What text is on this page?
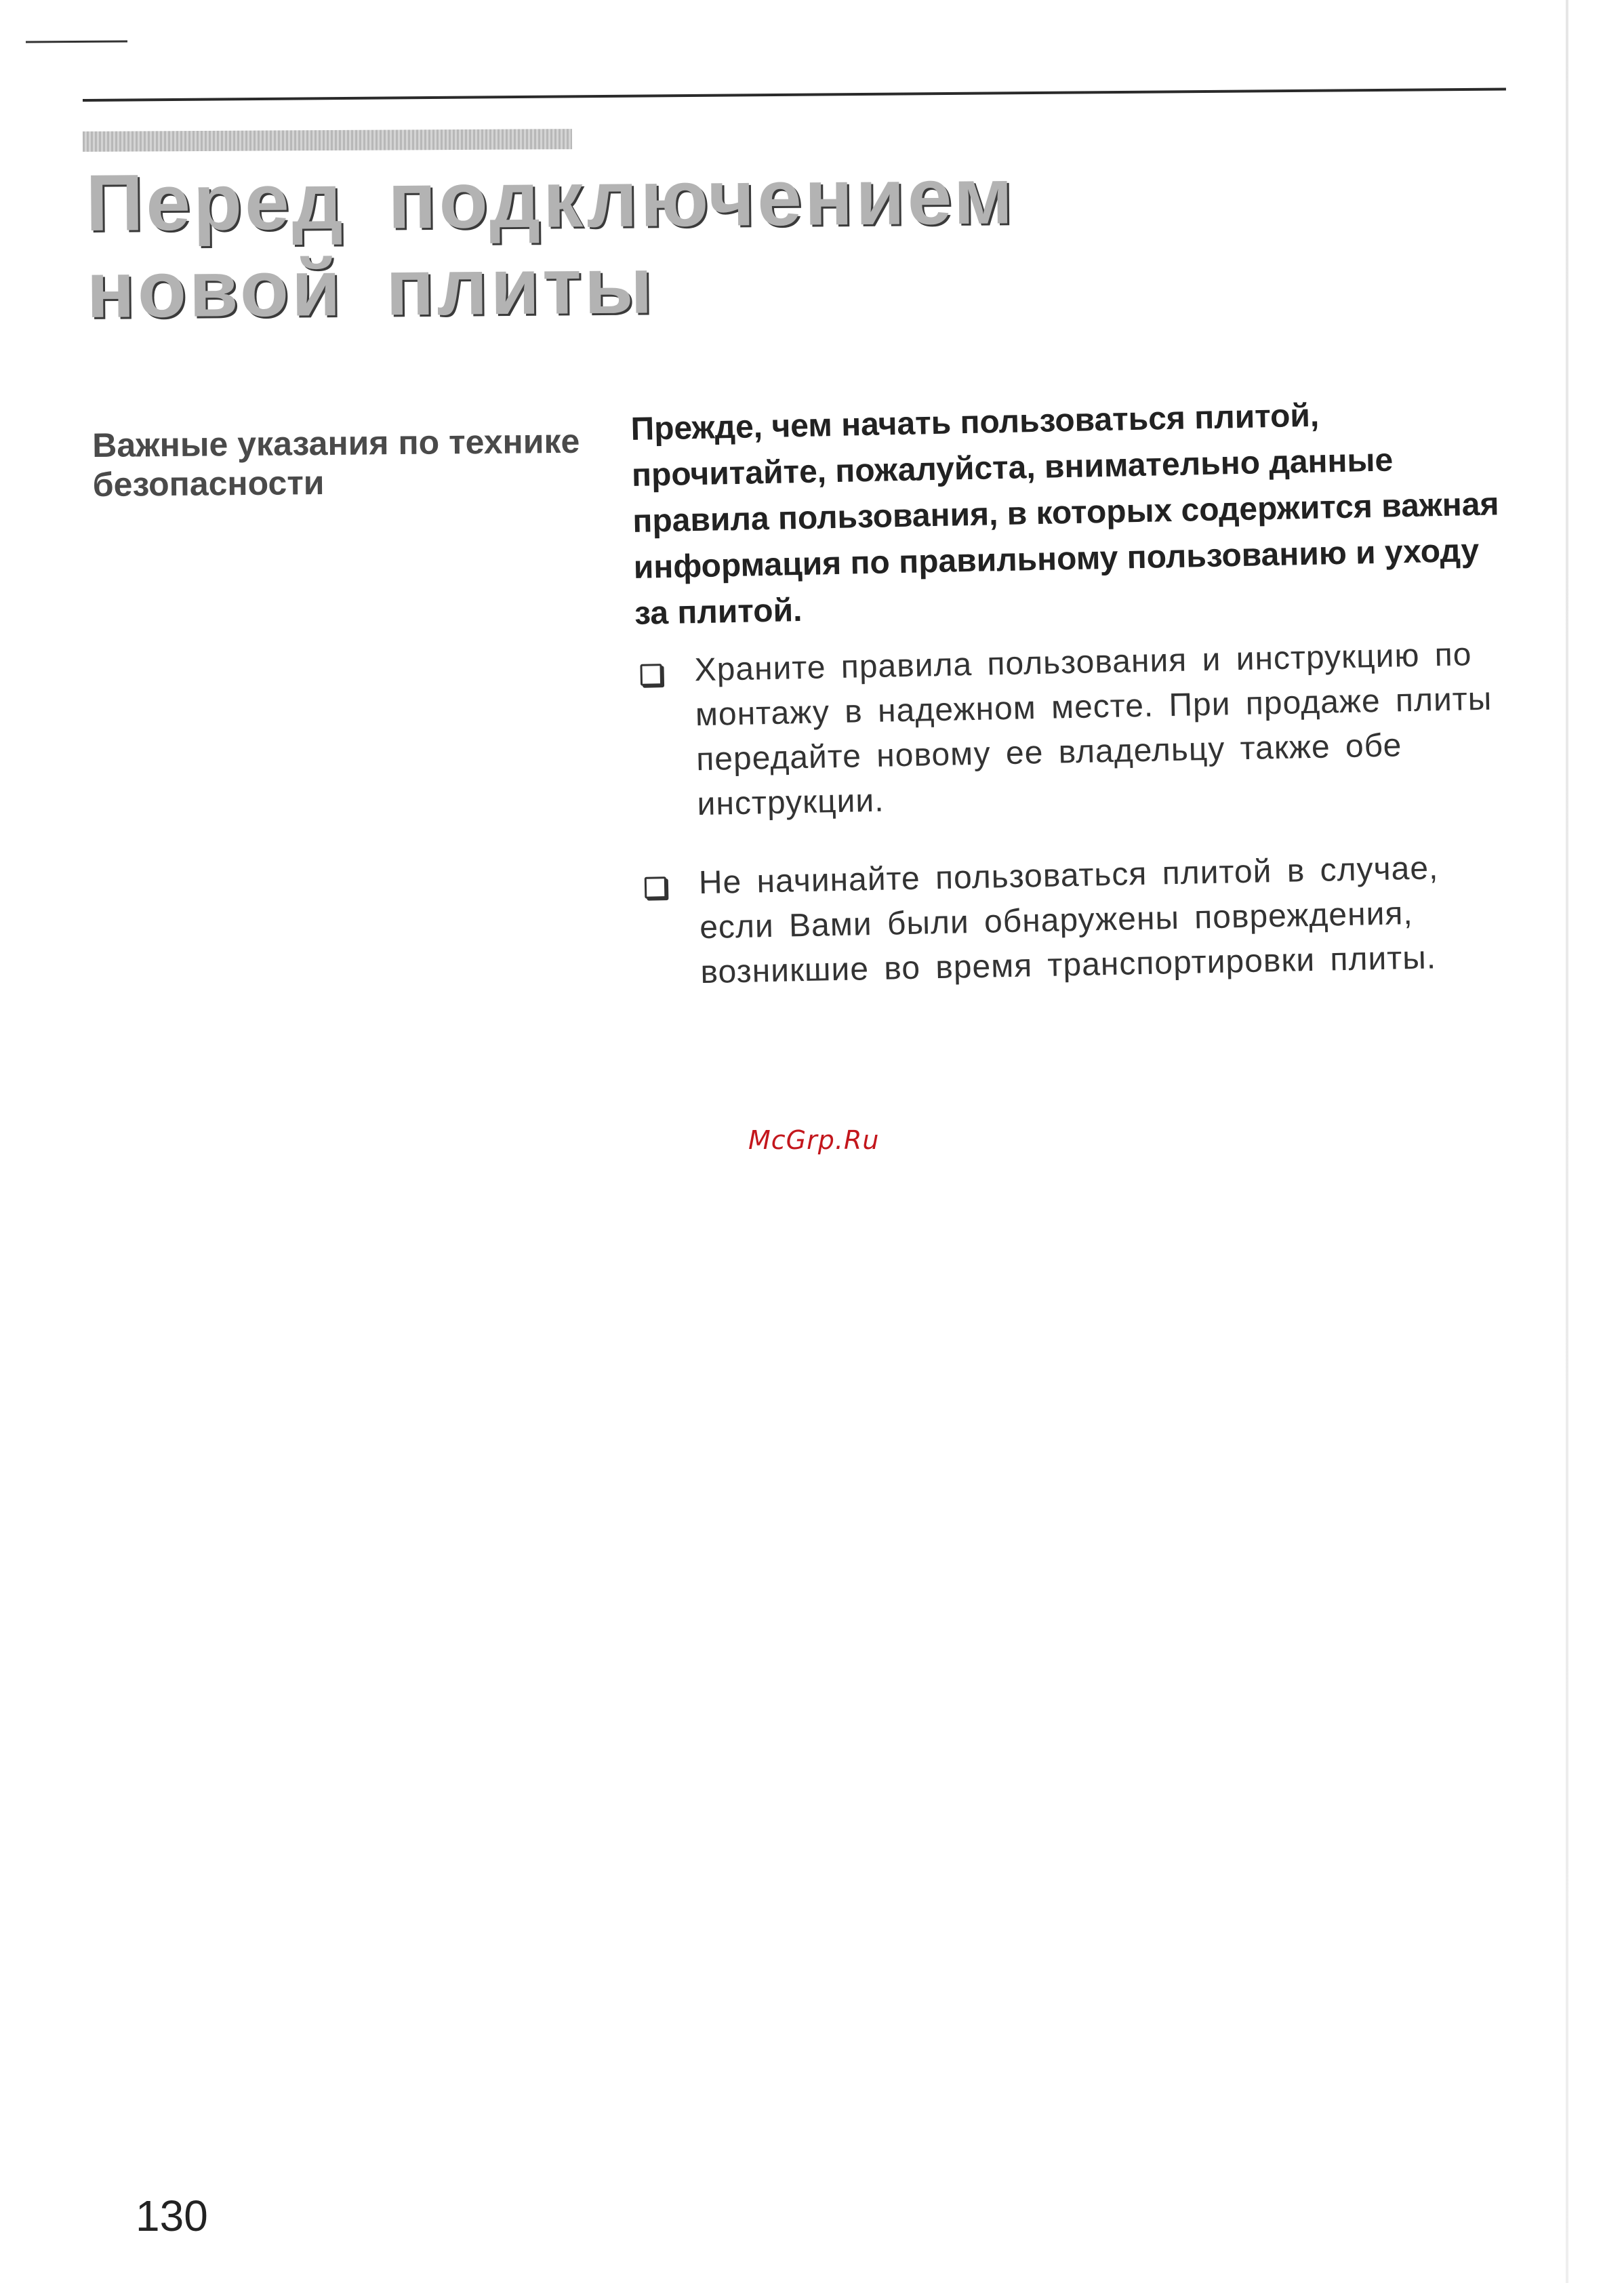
Перед подключением
новой плиты
Важные указания по технике безопасности

Прежде, чем начать пользоваться плитой, прочитайте, пожалуйста, внимательно данные правила пользования, в которых содержится важная информация по правильному пользованию и уходу за плитой.

Храните правила пользования и инструкцию по монтажу в надежном месте. При продаже плиты передайте новому ее владельцу также обе инструкции.
Не начинайте пользоваться плитой в случае, если Вами были обнаружены повреждения, возникшие во время транспортировки плиты.
McGrp.Ru
130
